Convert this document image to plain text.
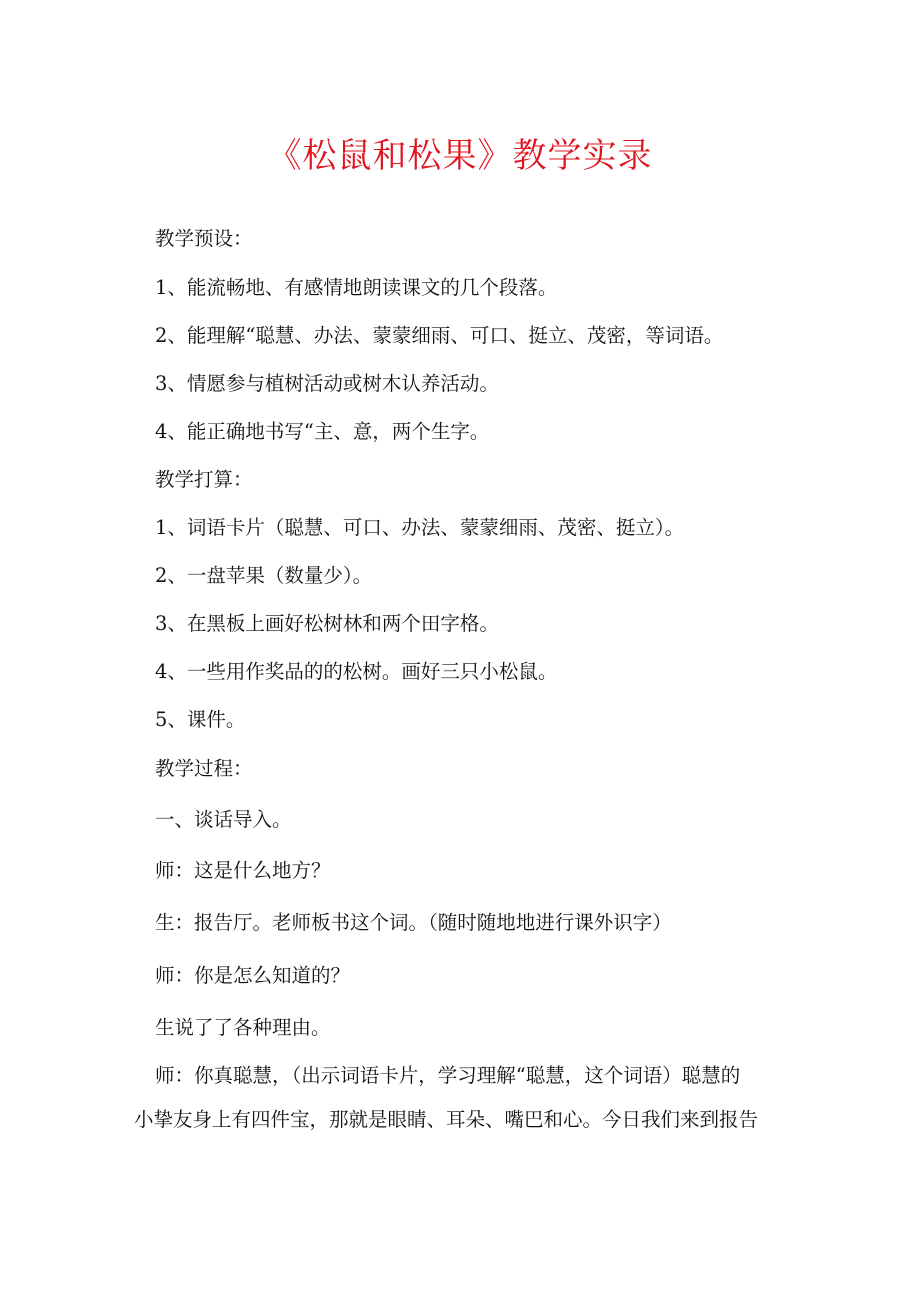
《松鼠和松果》教学实录
教学预设：
1、能流畅地、有感情地朗读课文的几个段落。
2、能理解“聪慧、办法、蒙蒙细雨、可口、挺立、茂密，等词语。
3、情愿参与植树活动或树木认养活动。
4、能正确地书写“主、意，两个生字。
教学打算：
1、词语卡片（聪慧、可口、办法、蒙蒙细雨、茂密、挺立）。
2、一盘苹果（数量少）。
3、在黑板上画好松树林和两个田字格。
4、一些用作奖品的的松树。画好三只小松鼠。
5、课件。
教学过程：
一、谈话导入。
师：这是什么地方？
生：报告厅。老师板书这个词。（随时随地地进行课外识字）
师：你是怎么知道的？
生说了了各种理由。
师：你真聪慧，（出示词语卡片，学习理解“聪慧，这个词语）聪慧的
小挚友身上有四件宝，那就是眼睛、耳朵、嘴巴和心。今日我们来到报告
